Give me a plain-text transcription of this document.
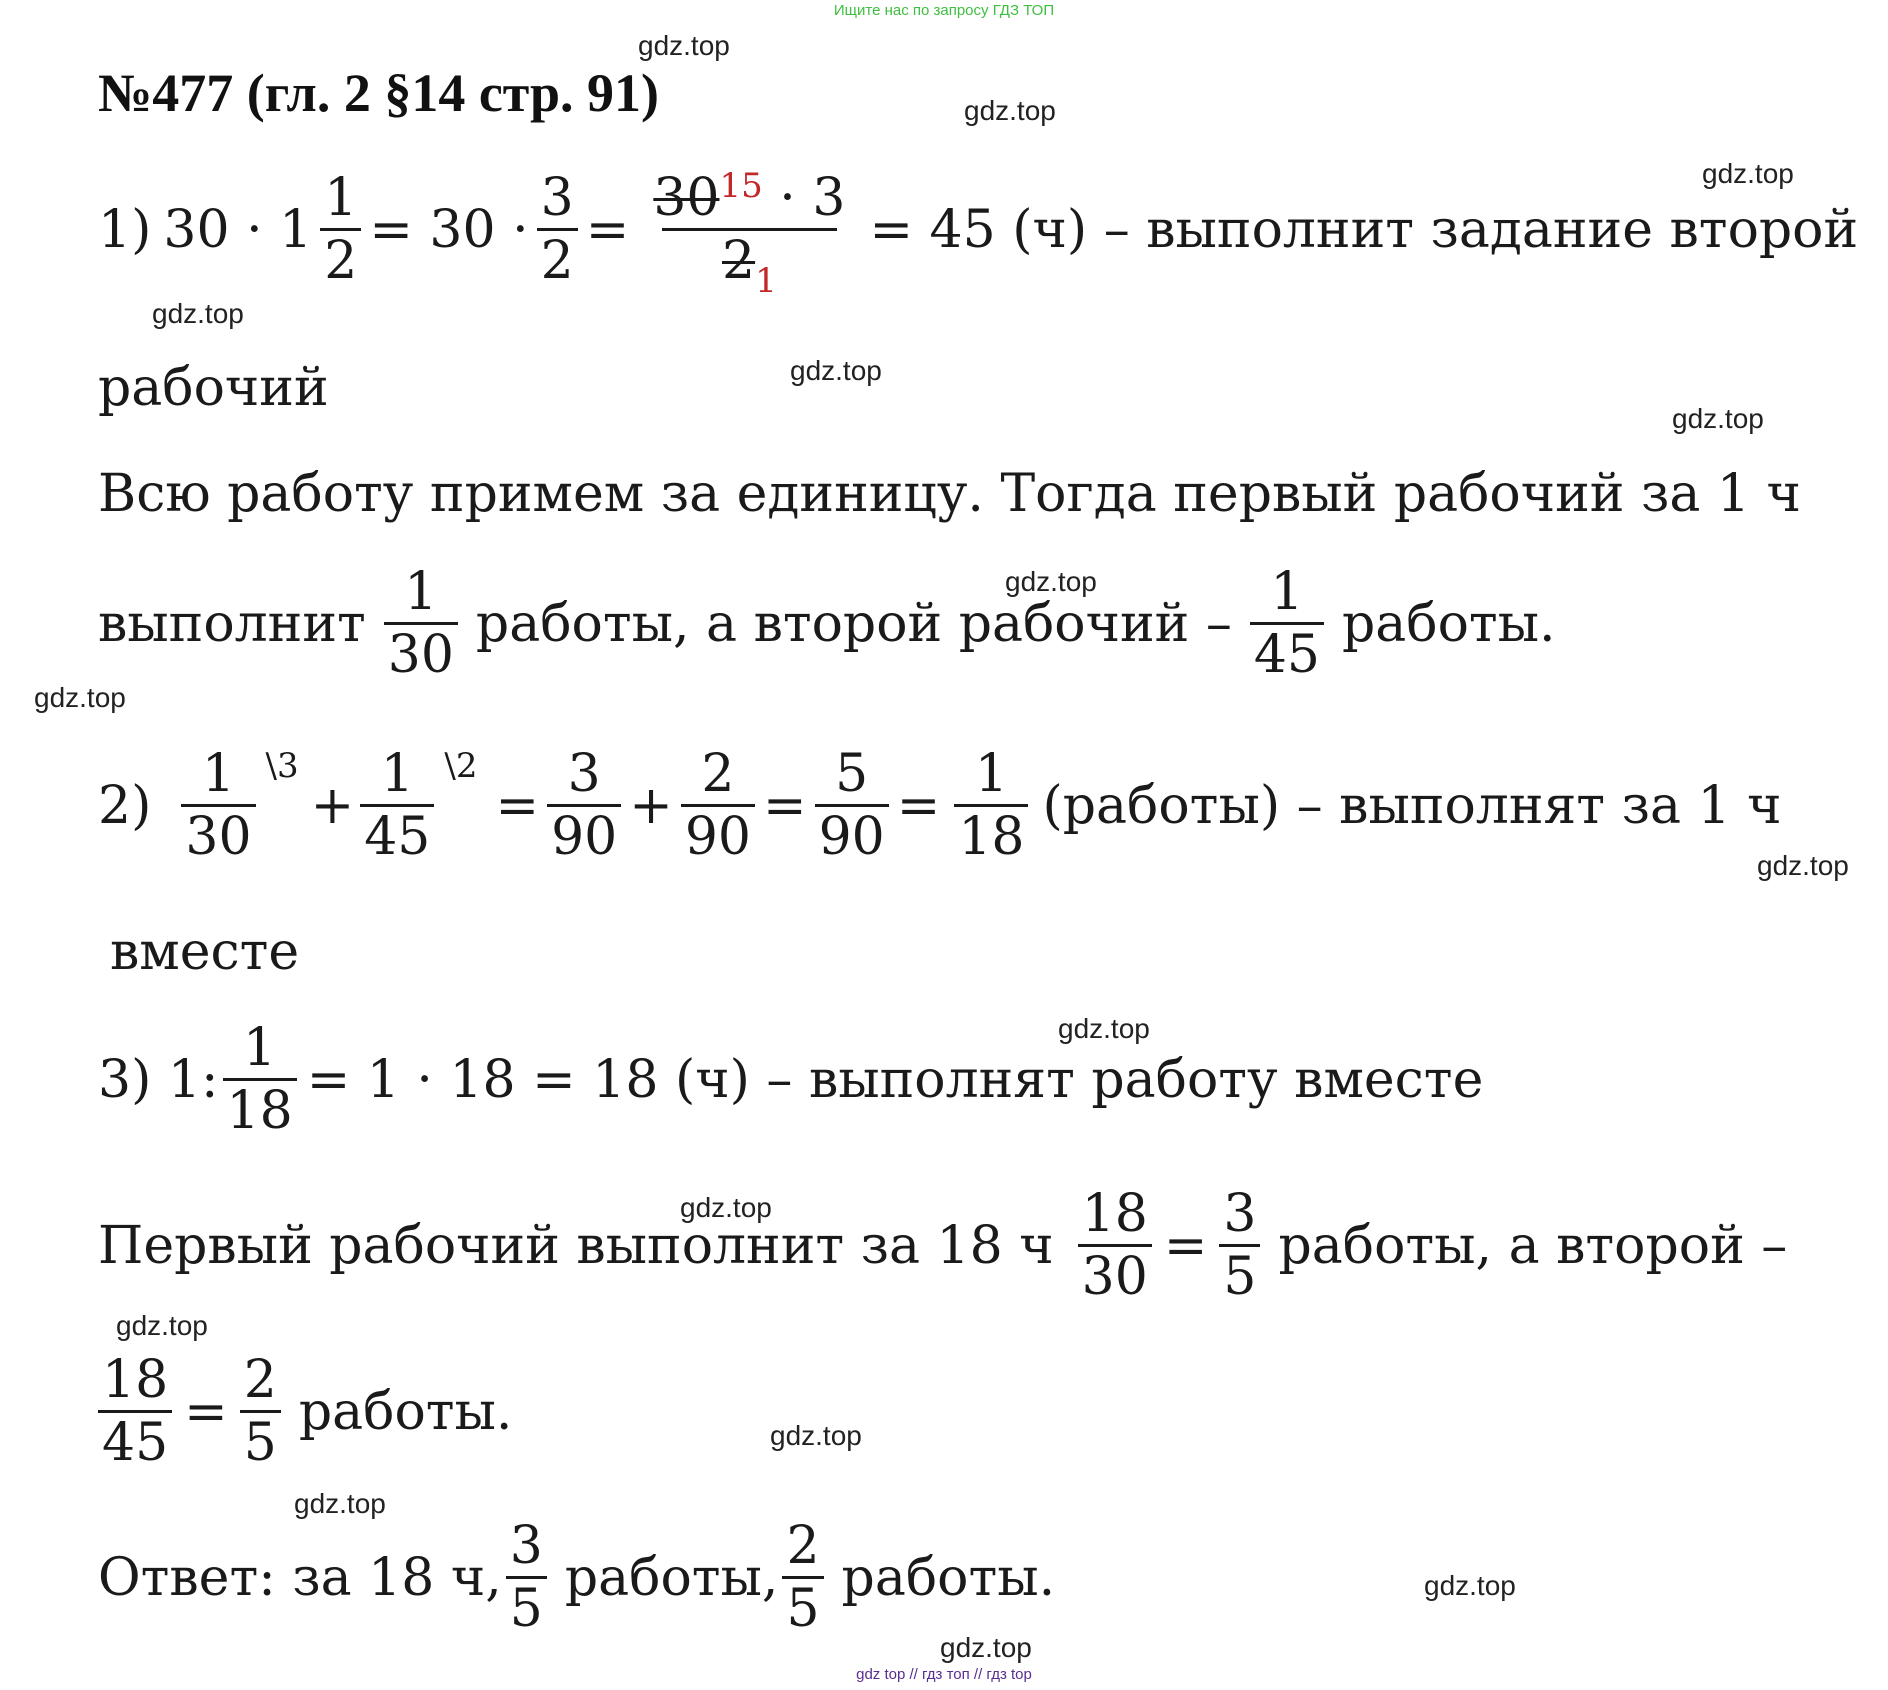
Ищите нас по запросу ГДЗ ТОП
№477 (гл. 2 §14 стр. 91)
gdz.top
gdz.top
gdz.top
gdz.top
gdz.top
gdz.top
gdz.top
gdz.top
gdz.top
gdz.top
gdz.top
gdz.top
gdz.top
gdz.top
gdz.top
gdz.top
1) $30 \cdot 1 \frac{1}{2} = 30 \cdot \frac{3}{2} = \frac{30^{15} \cdot 3}{2_1} = 45$ (ч) – выполнит задание второй
рабочий
Всю работу примем за единицу. Тогда первый рабочий за 1 ч
выполнит $\frac{1}{30}$ работы, а второй рабочий – $\frac{1}{45}$ работы.
$2) \frac{1}{30}$ \3
+ $\frac{1}{45}$ \2
= $\frac{3}{90} + \frac{2}{90} = \frac{5}{90} = \frac{1}{18}$ (работы) – выполнят за 1 ч
вместе
3) 1: $\frac{1}{18} = 1 \cdot 18 = 18$ (ч) – выполнят работу вместе
Первый рабочий выполнит за 18 ч $\frac{18}{30} = \frac{3}{5}$ работы, а второй –
$\frac{18}{45} = \frac{2}{5}$ работы.
Ответ: за 18 ч, $\frac{3}{5}$ работы, $\frac{2}{5}$ работы.
gdz top // гдз топ // гдз top
